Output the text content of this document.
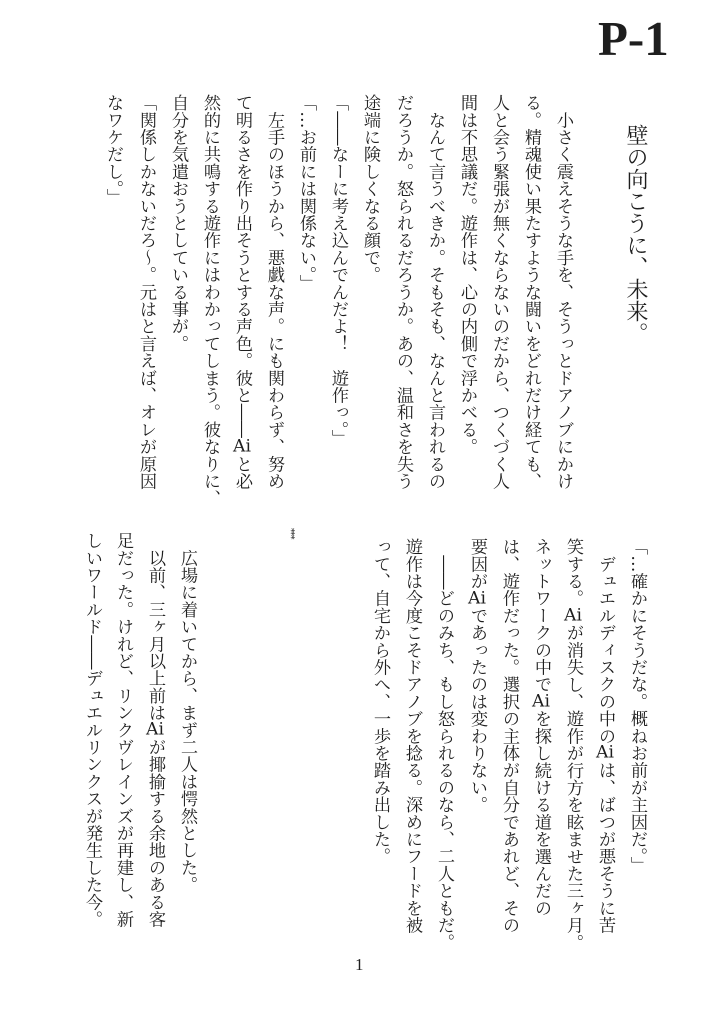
P-1
壁の向こうに、未来。
　小さく震えそうな手を、そうっとドアノブにかけ
る。精魂使い果たすような闘いをどれだけ経ても、
人と会う緊張が無くならないのだから、つくづく人
間は不思議だ。遊作は、心の内側で浮かべる。
　なんて言うべきか。そもそも、なんと言われるの
だろうか。怒られるだろうか。あの、温和さを失う
途端に険しくなる顔で。
「――なーに考え込んでんだよ！　遊作っ。」
「…お前には関係ない。」
　左手のほうから、悪戯な声。にも関わらず、努め
て明るさを作り出そうとする声色。彼と――Aiと必
然的に共鳴する遊作にはわかってしまう。彼なりに、
自分を気遣おうとしている事が。
「関係しかないだろ～。元はと言えば、オレが原因
なワケだし。」
「…確かにそうだな。概ねお前が主因だ。」
　デュエルディスクの中のAiは、ばつが悪そうに苦
笑する。Aiが消失し、遊作が行方を眩ませた三ヶ月。
ネットワークの中でAiを探し続ける道を選んだの
は、遊作だった。選択の主体が自分であれど、その
要因がAiであったのは変わりない。
　――どのみち、もし怒られるのなら、二人ともだ。
遊作は今度こそドアノブを捻る。深めにフードを被
って、自宅から外へ、一歩を踏み出した。
***
　広場に着いてから、まず二人は愕然とした。
　以前、三ヶ月以上前はAiが揶揄する余地のある客
足だった。けれど、リンクヴレインズが再建し、新
しいワールド――デュエルリンクスが発生した今。
1
